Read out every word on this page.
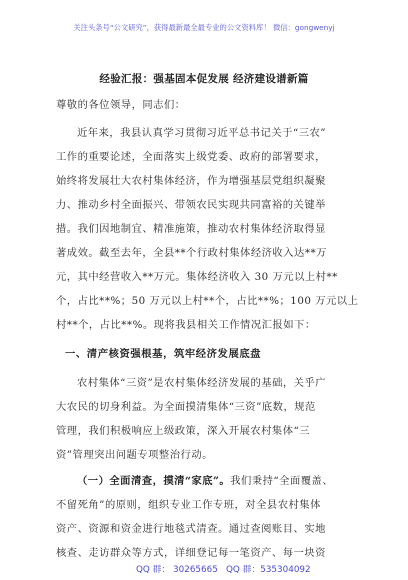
关注头条号“公文研究”，获得最新最全最专业的公文资料库！ 微信：gongwenyj
经验汇报：强基固本促发展 经济建设谱新篇
尊敬的各位领导，同志们：
近年来，我县认真学习贯彻习近平总书记关于“三农”
工作的重要论述，全面落实上级党委、政府的部署要求，
始终将发展壮大农村集体经济，作为增强基层党组织凝聚
力、推动乡村全面振兴、带领农民实现共同富裕的关键举
措。我们因地制宜、精准施策，推动农村集体经济取得显
著成效。截至去年，全县**个行政村集体经济收入达**万
元，其中经营收入**万元。集体经济收入 30 万元以上村**
个，占比**%；50 万元以上村**个，占比**%；100 万元以上
村**个，占比**%。现将我县相关工作情况汇报如下：
一、清产核资强根基，筑牢经济发展底盘
农村集体“三资”是农村集体经济发展的基础，关乎广
大农民的切身利益。为全面摸清集体“三资”底数，规范
管理，我们积极响应上级政策，深入开展农村集体“三
资”管理突出问题专项整治行动。
（一）全面清查，摸清“家底”。我们秉持“全面覆盖、
不留死角”的原则，组织专业工作专班，对全县农村集体
资产、资源和资金进行地毯式清查。通过查阅账目、实地
核查、走访群众等方式，详细登记每一笔资产、每一块资
QQ 群： 30265665 QQ 群：535304092
